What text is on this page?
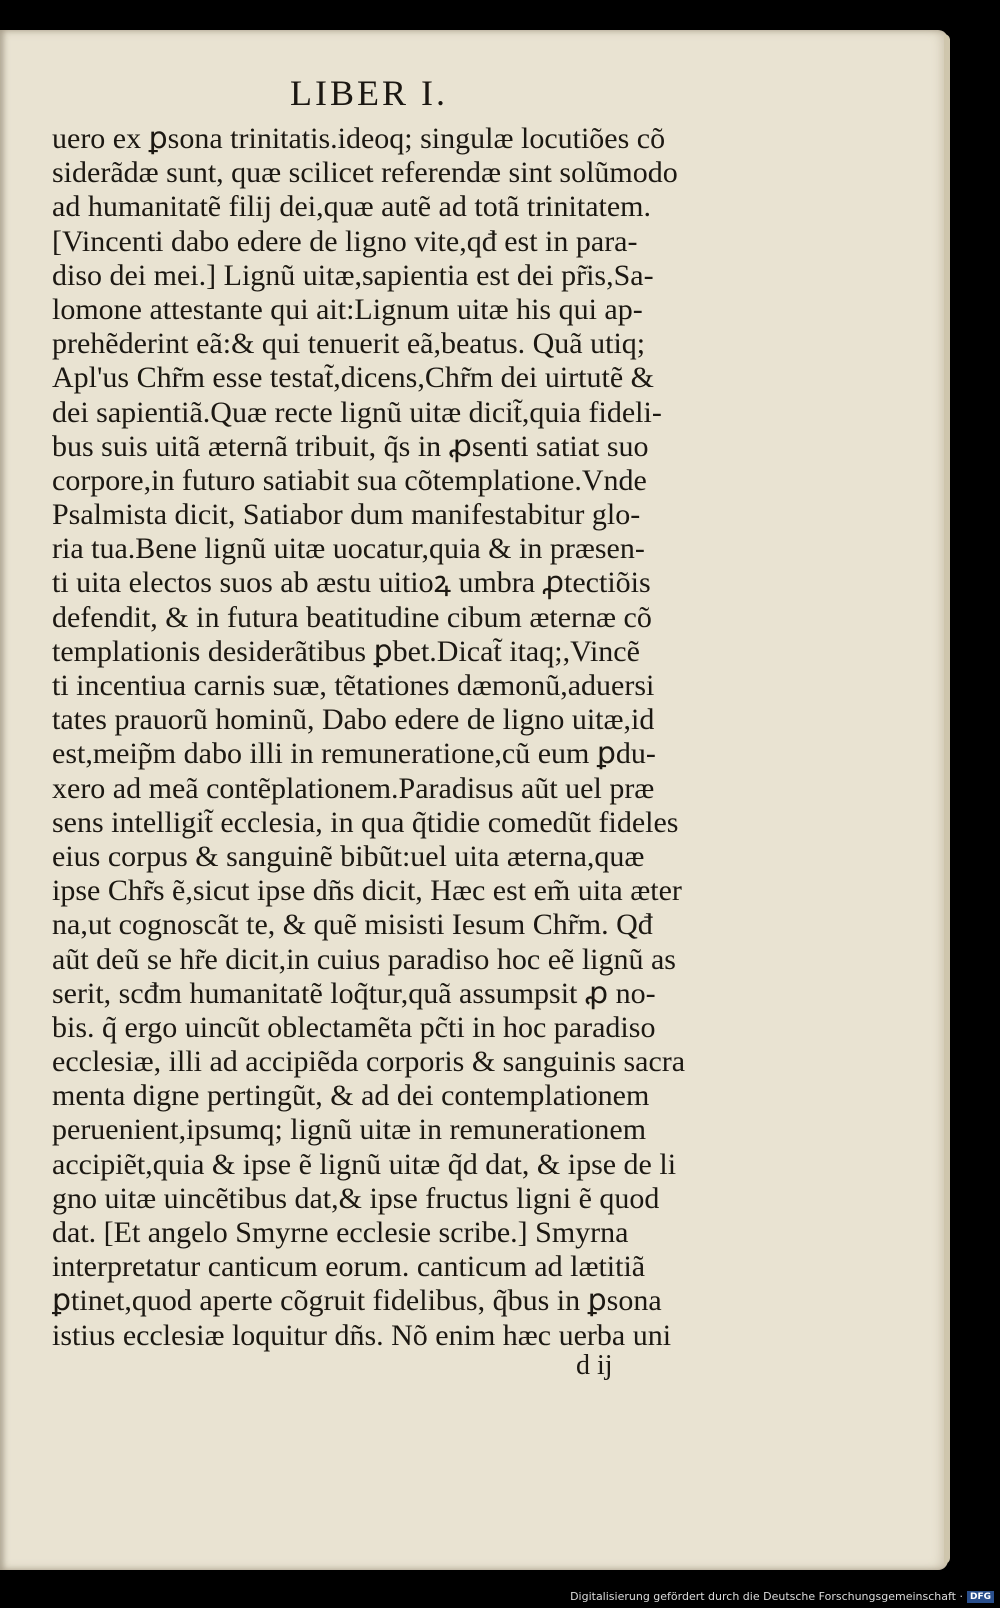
LIBER I.
uero ex ꝑsona trinitatis.ideoq; singulæ locutiões cõ
siderãdæ sunt, quæ scilicet referendæ sint solũmodo
ad humanitatẽ filij dei,quæ autẽ ad totã trinitatem.
[Vincenti dabo edere de ligno vite,qđ est in para-
diso dei mei.] Lignũ uitæ,sapientia est dei pr̃is,Sa-
lomone attestante qui ait:Lignum uitæ his qui ap-
prehẽderint eã:& qui tenuerit eã,beatus. Quã utiq;
Apl'us Chr̃m esse testat̃,dicens,Chr̃m dei uirtutẽ &
dei sapientiã.Quæ recte lignũ uitæ dicit̃,quia fideli-
bus suis uitã æternã tribuit, q̃s in ꝓsenti satiat suo
corpore,in futuro satiabit sua cõtemplatione.Vnde
Psalmista dicit, Satiabor dum manifestabitur glo-
ria tua.Bene lignũ uitæ uocatur,quia & in præsen-
ti uita electos suos ab æstu uitioꝝ umbra ꝓtectiõis
defendit, & in futura beatitudine cibum æternæ cõ
templationis desiderãtibus ꝑbet.Dicat̃ itaq;,Vincẽ
ti incentiua carnis suæ, tẽtationes dæmonũ,aduersi
tates prauorũ hominũ, Dabo edere de ligno uitæ,id
est,meip̃m dabo illi in remuneratione,cũ eum ꝑdu-
xero ad meã contẽplationem.Paradisus aũt uel præ
sens intelligit̃ ecclesia, in qua q̃tidie comedũt fideles
eius corpus & sanguinẽ bibũt:uel uita æterna,quæ
ipse Chr̃s ẽ,sicut ipse dñs dicit, Hæc est em̃ uita æter
na,ut cognoscãt te, & quẽ misisti Iesum Chr̃m. Qđ
aũt deũ se hr̃e dicit,in cuius paradiso hoc eẽ lignũ as
serit, scđm humanitatẽ loq̃tur,quã assumpsit ꝓ no-
bis. q̃ ergo uincũt oblectamẽta pc̃ti in hoc paradiso
ecclesiæ, illi ad accipiẽda corporis & sanguinis sacra
menta digne pertingũt, & ad dei contemplationem
peruenient,ipsumq; lignũ uitæ in remunerationem
accipiẽt,quia & ipse ẽ lignũ uitæ q̃d dat, & ipse de li
gno uitæ uincẽtibus dat,& ipse fructus ligni ẽ quod
dat. [Et angelo Smyrne ecclesie scribe.] Smyrna
interpretatur canticum eorum. canticum ad lætitiã
ꝑtinet,quod aperte cõgruit fidelibus, q̃bus in ꝑsona
istius ecclesiæ loquitur dñs. Nõ enim hæc uerba uni
d ij
Digitalisierung gefördert durch die Deutsche Forschungsgemeinschaft · DFG
